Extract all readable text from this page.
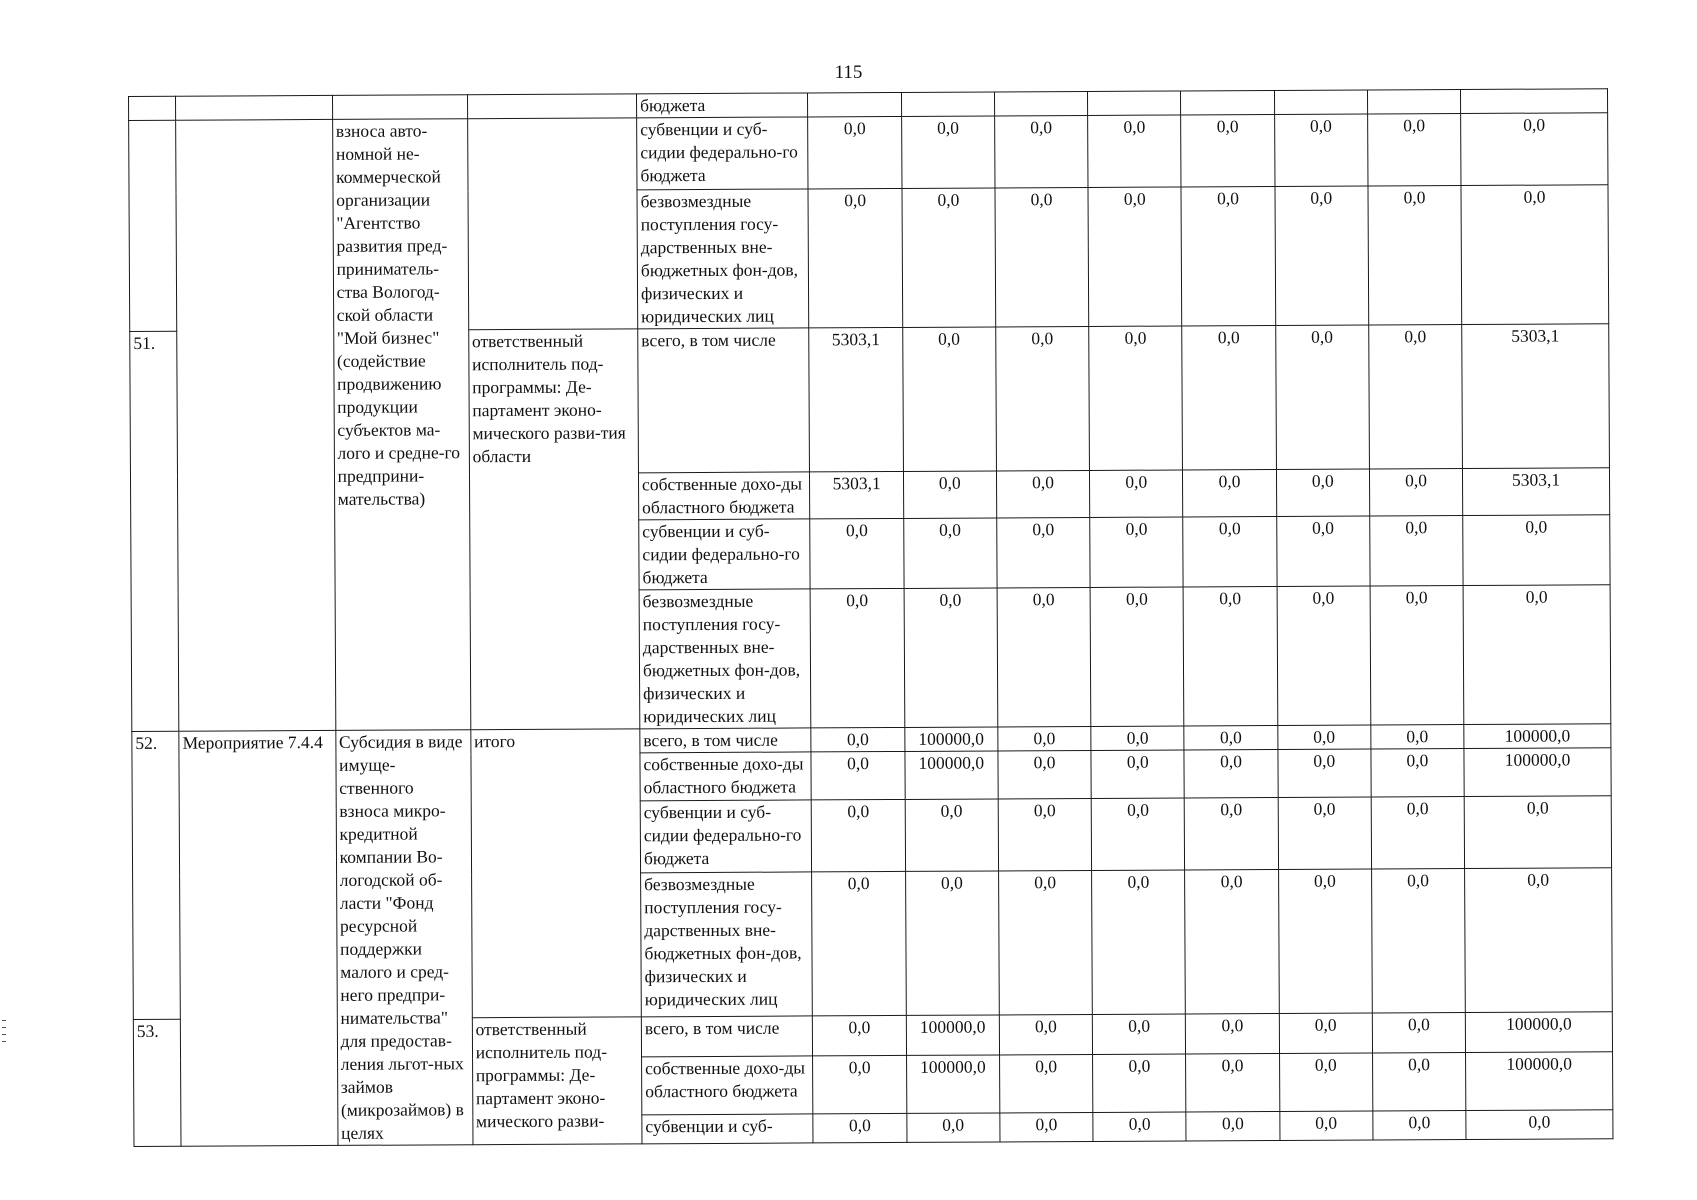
115
				бюджета								
		взноса авто-номной не-коммерческой организации "Агентство развития пред-приниматель-ства Вологод-ской области "Мой бизнес" (содействие продвижению продукции субъектов ма-лого и средне-го предприни-мательства)		субвенции и суб-сидии федерально-го бюджета	0,0	0,0	0,0	0,0	0,0	0,0	0,0	0,0
				безвозмездные поступления госу-дарственных вне-бюджетных фон-дов, физических и юридических лиц	0,0	0,0	0,0	0,0	0,0	0,0	0,0	0,0
51.			ответственный исполнитель под-программы: Де-партамент эконо-мического разви-тия области	всего, в том числе	5303,1	0,0	0,0	0,0	0,0	0,0	0,0	5303,1
				собственные дохо-ды областного бюджета	5303,1	0,0	0,0	0,0	0,0	0,0	0,0	5303,1
				субвенции и суб-сидии федерально-го бюджета	0,0	0,0	0,0	0,0	0,0	0,0	0,0	0,0
				безвозмездные поступления госу-дарственных вне-бюджетных фон-дов, физических и юридических лиц	0,0	0,0	0,0	0,0	0,0	0,0	0,0	0,0
52.	Мероприятие 7.4.4	Субсидия в виде имуще-ственного взноса микро-кредитной компании Во-логодской об-ласти "Фонд ресурсной поддержки малого и сред-него предпри-нимательства" для предостав-ления льгот-ных займов (микрозаймов) в целях	итого	всего, в том числе	0,0	100000,0	0,0	0,0	0,0	0,0	0,0	100000,0
				собственные дохо-ды областного бюджета	0,0	100000,0	0,0	0,0	0,0	0,0	0,0	100000,0
				субвенции и суб-сидии федерально-го бюджета	0,0	0,0	0,0	0,0	0,0	0,0	0,0	0,0
				безвозмездные поступления госу-дарственных вне-бюджетных фон-дов, физических и юридических лиц	0,0	0,0	0,0	0,0	0,0	0,0	0,0	0,0
53.			ответственный исполнитель под-программы: Де-партамент эконо-мического разви-	всего, в том числе	0,0	100000,0	0,0	0,0	0,0	0,0	0,0	100000,0
				собственные дохо-ды областного бюджета	0,0	100000,0	0,0	0,0	0,0	0,0	0,0	100000,0
				субвенции и суб-	0,0	0,0	0,0	0,0	0,0	0,0	0,0	0,0
